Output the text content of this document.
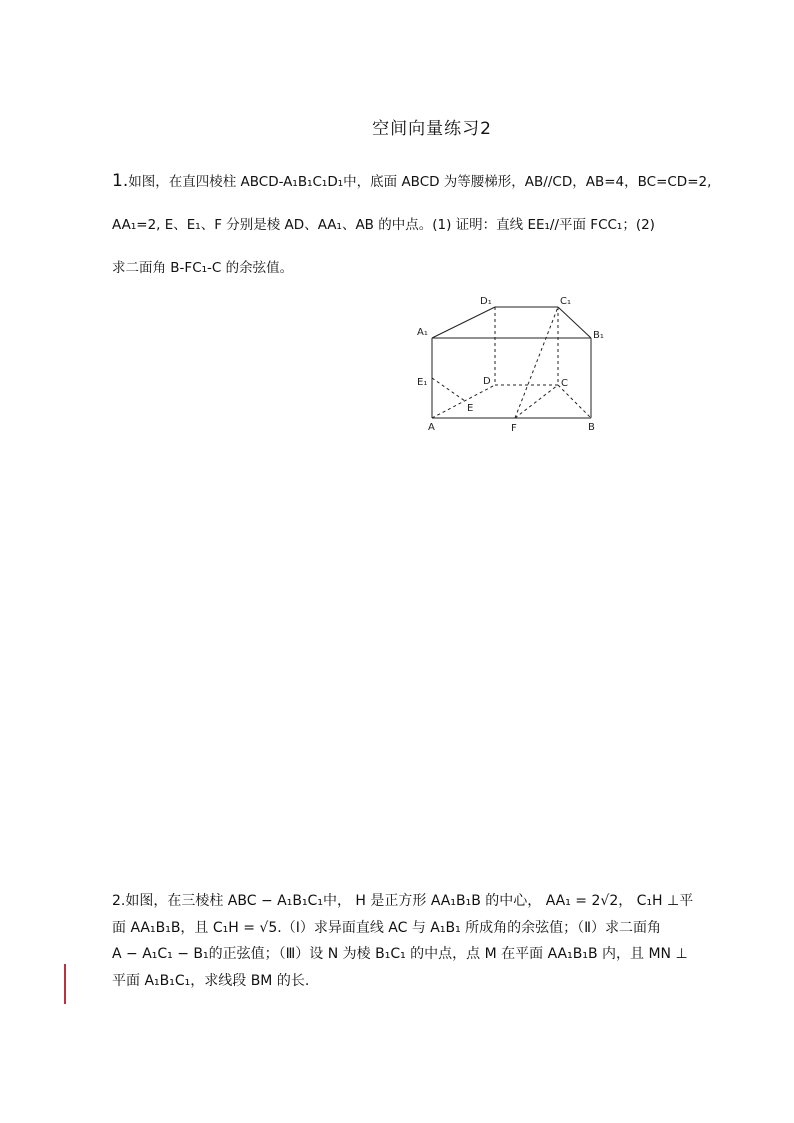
空间向量练习2
1.如图，在直四棱柱 ABCD-A₁B₁C₁D₁中，底面 ABCD 为等腰梯形，AB//CD，AB=4，BC=CD=2,
AA₁=2, E、E₁、F 分别是棱 AD、AA₁、AB 的中点。(1) 证明：直线 EE₁//平面 FCC₁；(2)
求二面角 B-FC₁-C 的余弦值。
D₁	C₁
A₁	B₁
E₁	D	C
E
A	F	B
2.如图，在三棱柱 ABC − A₁B₁C₁中， H 是正方形 AA₁B₁B 的中心， AA₁ = 2√2， C₁H ⊥平
面 AA₁B₁B，且 C₁H = √5.（Ⅰ）求异面直线 AC 与 A₁B₁ 所成角的余弦值；（Ⅱ）求二面角
A − A₁C₁ − B₁的正弦值；（Ⅲ）设 N 为棱 B₁C₁ 的中点，点 M 在平面 AA₁B₁B 内，且 MN ⊥
平面 A₁B₁C₁，求线段 BM 的长.
